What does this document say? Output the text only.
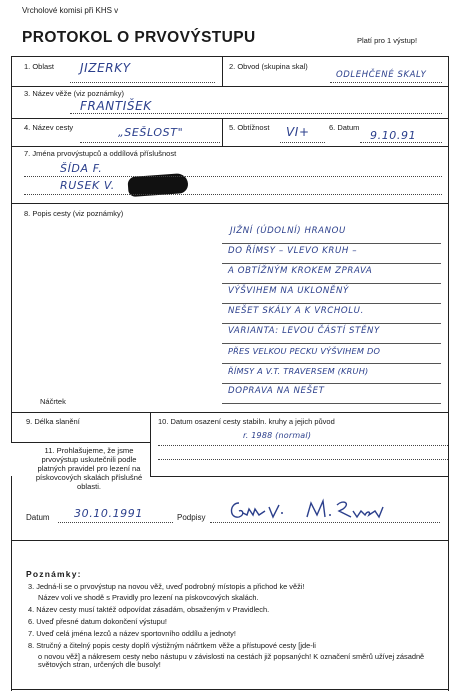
Vrcholové komisi při KHS v
PROTOKOL O PRVOVÝSTUPU	Platí pro 1 výstup!
1. Oblast JIZERKY	2. Obvod (skupina skal)
ODLEHČENÉ SKALY
3. Název věže (viz poznámky)
FRANTIŠEK
4. Název cesty	„SEŠLOST"	5. Obtížnost VI+	6. Datum
9.10.91
7. Jména prvovýstupců a oddílová příslušnost
ŠÍDA F.
RUSEK V.
8. Popis cesty (viz poznámky)
JIŽNÍ (ÚDOLNÍ) HRANOU
DO ŘÍMSY – VLEVO KRUH –
A OBTÍŽNÝM KROKEM ZPRAVA
VÝŠVIHEM NA UKLONĚNÝ
NEŠET SKÁLY A K VRCHOLU.
VARIANTA: LEVOU ČÁSTÍ STĚNY
PŘES VELKOU PECKU VÝŠVIHEM DO
ŘÍMSY A V.T. TRAVERSEM (KRUH)
DOPRAVA NA NEŠET
Náčrtek
9. Délka slanění	10. Datum osazení cesty stabiln. kruhy a jejich původ
r. 1988 (normal)
11. Prohlašujeme, že jsme prvovýstup uskutečnili podle platných pravidel pro lezení na pískovcových skalách příslušné oblasti.
Datum 30.10.1991	Podpisy
Poznámky:
3. Jedná-li se o prvovýstup na novou věž, uveď podrobný místopis a přichod ke věži!
Název voli ve shodě s Pravidly pro lezení na pískovcových skalách.
4. Název cesty musí taktéž odpovídat zásadám, obsaženým v Pravidlech.
6. Uveď přesné datum dokončení výstupu!
7. Uveď celá jména lezců a název sportovního oddílu a jednoty!
8. Stručný a čitelný popis cesty doplň výstižným náčrtkem věže a přístupové cesty [jde-li
o novou věž] a nákresem cesty nebo nástupu v závislosti na cestách již popsaných! K označení směrů užívej zásadně světových stran, určených dle busoly!
